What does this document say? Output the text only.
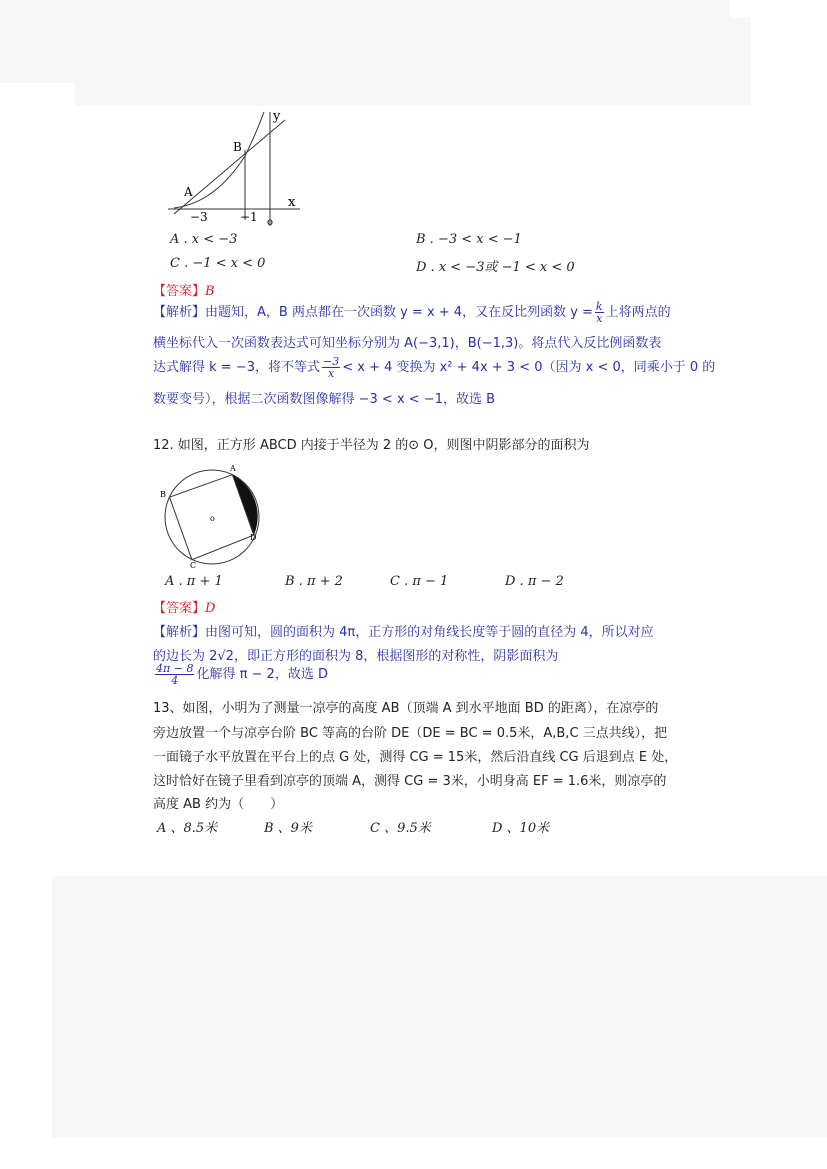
y
x
A
B
o
−3	−1
A . x < −3	B . −3 < x < −1
C . −1 < x < 0	D . x < −3或 −1 < x < 0
【答案】B
【解析】由题知，A，B 两点都在一次函数 y = x + 4，又在反比列函数 $y = \frac{k}{x}$ 上将两点的
横坐标代入一次函数表达式可知坐标分别为 A(−3,1)，B(−1,3)。将点代入反比例函数表
达式解得 k = −3，将不等式 $\frac{-3}{x} < x + 4$ 变换为 x² + 4x + 3 < 0（因为 x < 0，同乘小于 0 的
数要变号），根据二次函数图像解得 −3 < x < −1，故选 B
12. 如图，正方形 ABCD 内接于半径为 2 的⊙ O，则图中阴影部分的面积为
A
B
C
D
o
A . π + 1	B . π + 2	C . π − 1	D . π − 2
【答案】D
【解析】由图可知，圆的面积为 4π，正方形的对角线长度等于圆的直径为 4，所以对应
的边长为 2√2，即正方形的面积为 8，根据图形的对称性，阴影面积为
$\frac{4\pi - 8}{4}$ 化解得 π − 2，故选 D
13、如图，小明为了测量一凉亭的高度 AB（顶端 A 到水平地面 BD 的距离），在凉亭的
旁边放置一个与凉亭台阶 BC 等高的台阶 DE（DE = BC = 0.5米，A,B,C 三点共线），把
一面镜子水平放置在平台上的点 G 处，测得 CG = 15米，然后沿直线 CG 后退到点 E 处，
这时恰好在镜子里看到凉亭的顶端 A，测得 CG = 3米，小明身高 EF = 1.6米，则凉亭的
高度 AB 约为（　　）
A 、8.5米	B 、9米	C 、9.5米	D 、10米
